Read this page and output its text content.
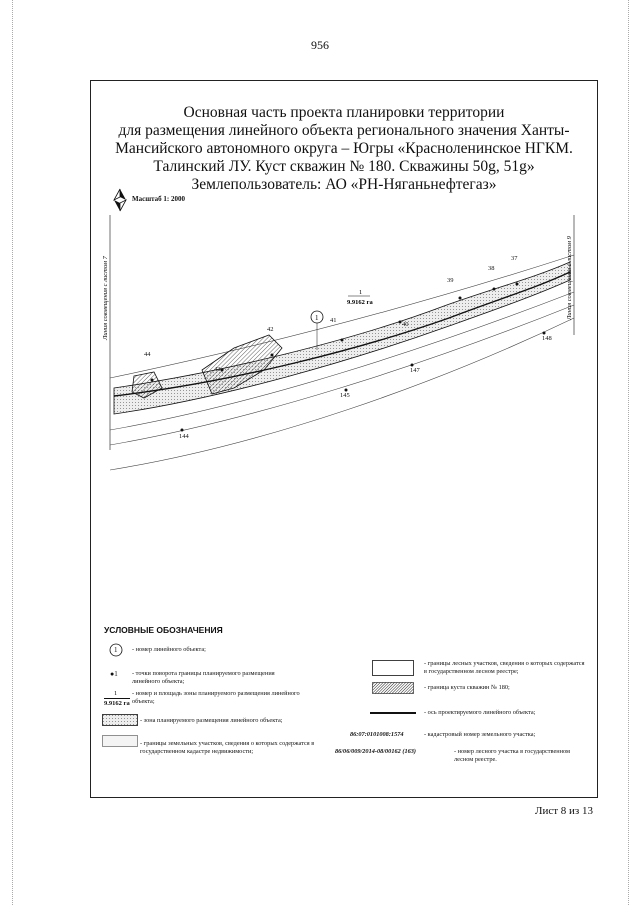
956
Основная часть проекта планировки территории
для размещения линейного объекта регионального значения Ханты-
Мансийского автономного округа – Югры «Красноленинское НГКМ.
Талинский ЛУ. Куст скважин № 180. Скважины 50g, 51g»
Землепользователь: АО «РН-Няганьнефтегаз»
Масштаб 1: 2000
37
38
39
40
41
42
43
44
144
145
147
148
1
1
9.9162 га
Линия совмещения с листом 7	Линия совмещения с листом 9
УСЛОВНЫЕ ОБОЗНАЧЕНИЯ
1 - номер линейного объекта;
●1 - точки поворота границы планируемого размещения линейного объекта;
1
9.9162 га
- номер и площадь зоны планируемого размещения линейного объекта;
- зона планируемого размещения линейного объекта;
- границы земельных участков, сведения о которых содержатся в государственном кадастре недвижимости;
- границы лесных участков, сведения о которых содержатся в государственном лесном реестре;
- граница куста скважин № 180;
- ось проектируемого линейного объекта;
86:07:0101008:1574	- кадастровый номер земельного участка;
86/06/009/2014-08/00162 (163)	- номер лесного участка в государственном лесном реестре.
Лист 8 из 13
